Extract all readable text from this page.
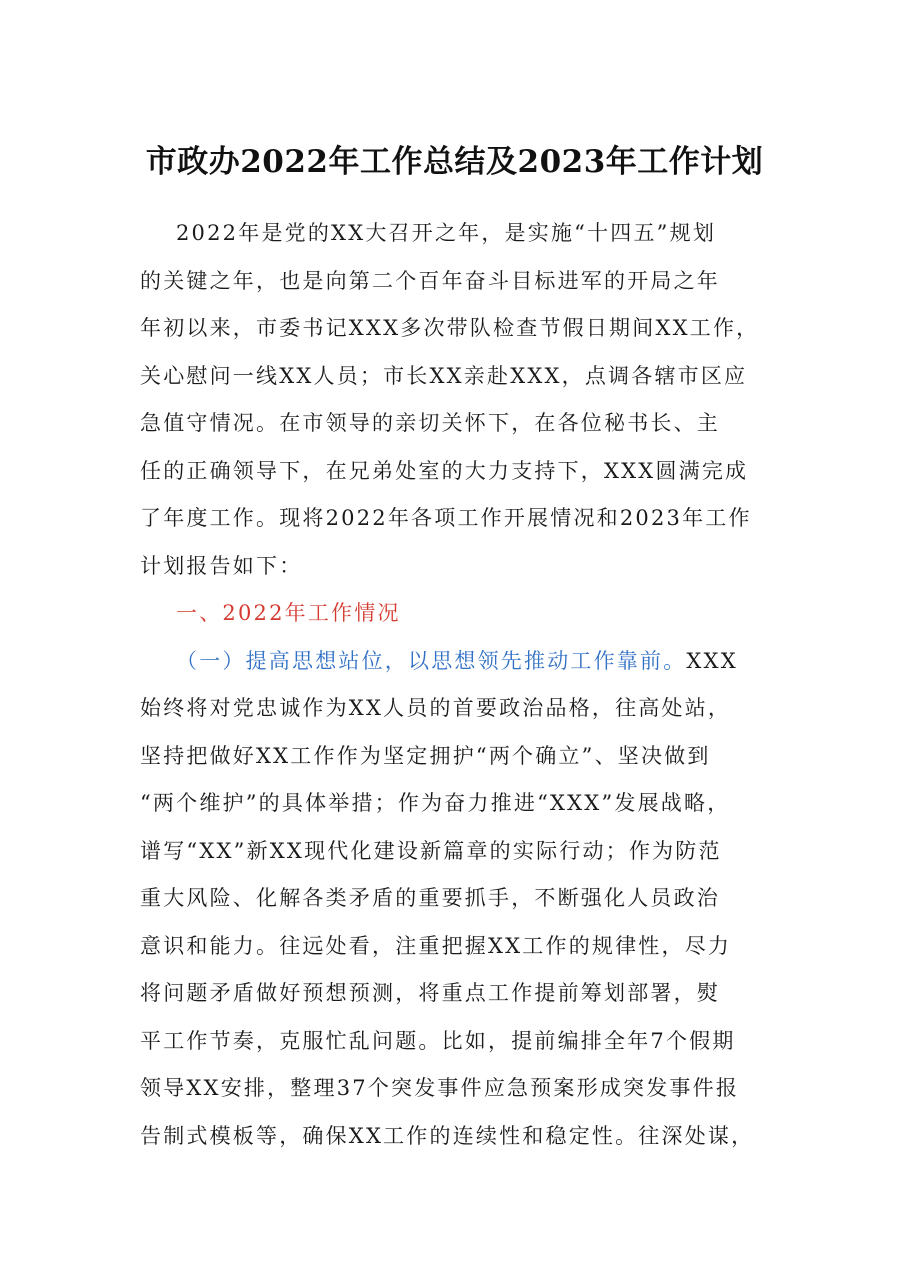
市政办2022年工作总结及2023年工作计划
2022年是党的XX大召开之年，是实施“十四五”规划
的关键之年，也是向第二个百年奋斗目标进军的开局之年
年初以来，市委书记XXX多次带队检查节假日期间XX工作，
关心慰问一线XX人员；市长XX亲赴XXX，点调各辖市区应
急值守情况。在市领导的亲切关怀下，在各位秘书长、主
任的正确领导下，在兄弟处室的大力支持下，XXX圆满完成
了年度工作。现将2022年各项工作开展情况和2023年工作
计划报告如下：
一、2022年工作情况
（一）提高思想站位，以思想领先推动工作靠前。XXX
始终将对党忠诚作为XX人员的首要政治品格，往高处站，
坚持把做好XX工作作为坚定拥护“两个确立”、坚决做到
“两个维护”的具体举措；作为奋力推进“XXX”发展战略，
谱写“XX”新XX现代化建设新篇章的实际行动；作为防范
重大风险、化解各类矛盾的重要抓手，不断强化人员政治
意识和能力。往远处看，注重把握XX工作的规律性，尽力
将问题矛盾做好预想预测，将重点工作提前筹划部署，熨
平工作节奏，克服忙乱问题。比如，提前编排全年7个假期
领导XX安排，整理37个突发事件应急预案形成突发事件报
告制式模板等，确保XX工作的连续性和稳定性。往深处谋，
